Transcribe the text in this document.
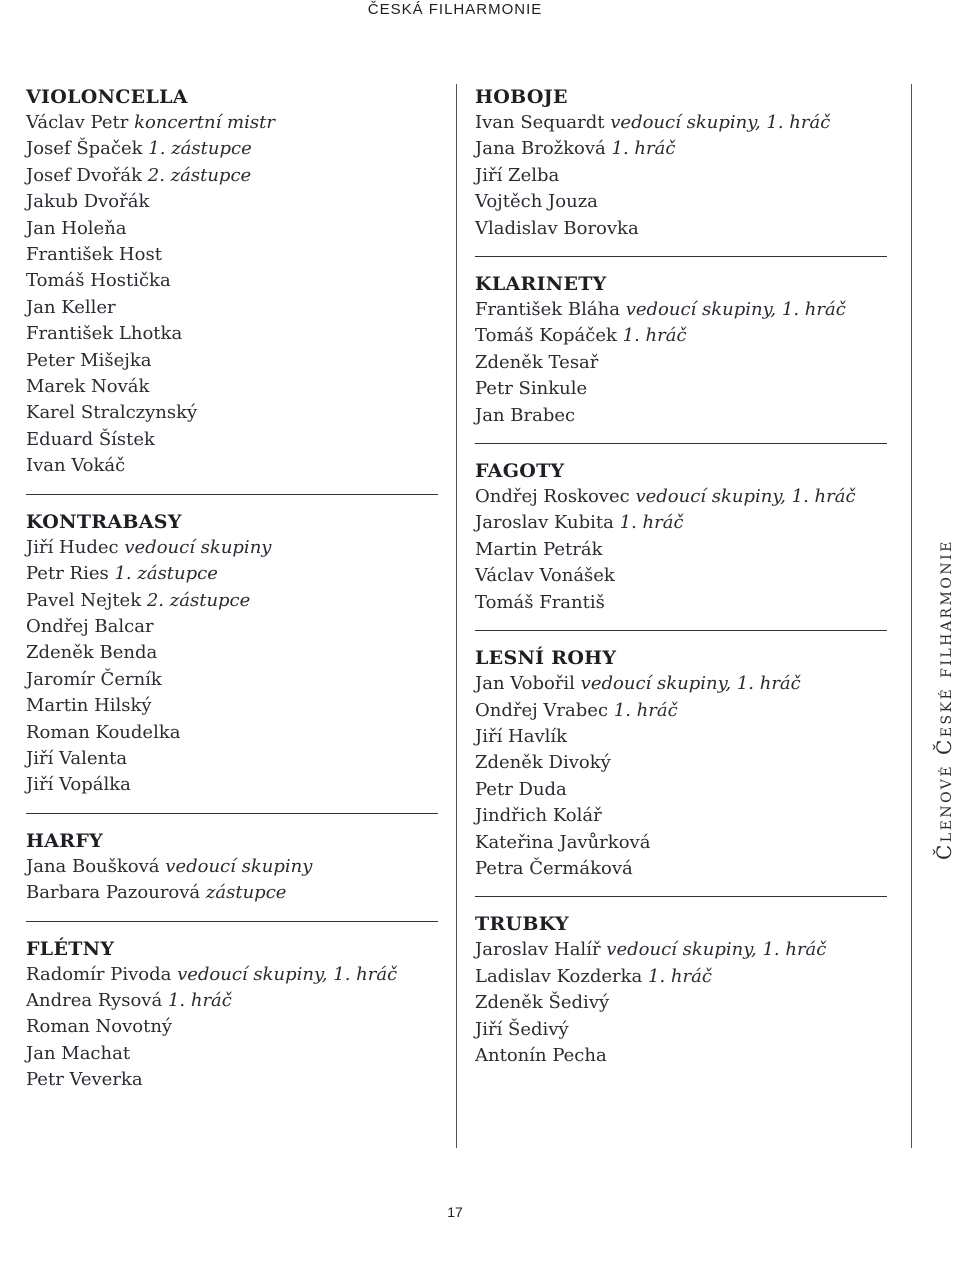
ČESKÁ FILHARMONIE
VIOLONCELLA
Václav Petr koncertní mistr
Josef Špaček 1. zástupce
Josef Dvořák 2. zástupce
Jakub Dvořák
Jan Holeňa
František Host
Tomáš Hostička
Jan Keller
František Lhotka
Peter Mišejka
Marek Novák
Karel Stralczynský
Eduard Šístek
Ivan Vokáč
KONTRABASY
Jiří Hudec vedoucí skupiny
Petr Ries 1. zástupce
Pavel Nejtek 2. zástupce
Ondřej Balcar
Zdeněk Benda
Jaromír Černík
Martin Hilský
Roman Koudelka
Jiří Valenta
Jiří Vopálka
HARFY
Jana Boušková vedoucí skupiny
Barbara Pazourová zástupce
FLÉTNY
Radomír Pivoda vedoucí skupiny, 1. hráč
Andrea Rysová 1. hráč
Roman Novotný
Jan Machat
Petr Veverka
HOBOJE
Ivan Sequardt vedoucí skupiny, 1. hráč
Jana Brožková 1. hráč
Jiří Zelba
Vojtěch Jouza
Vladislav Borovka
KLARINETY
František Bláha vedoucí skupiny, 1. hráč
Tomáš Kopáček 1. hráč
Zdeněk Tesař
Petr Sinkule
Jan Brabec
FAGOTY
Ondřej Roskovec vedoucí skupiny, 1. hráč
Jaroslav Kubita 1. hráč
Martin Petrák
Václav Vonášek
Tomáš Františ
LESNÍ ROHY
Jan Vobořil vedoucí skupiny, 1. hráč
Ondřej Vrabec 1. hráč
Jiří Havlík
Zdeněk Divoký
Petr Duda
Jindřich Kolář
Kateřina Javůrková
Petra Čermáková
TRUBKY
Jaroslav Halíř vedoucí skupiny, 1. hráč
Ladislav Kozderka 1. hráč
Zdeněk Šedivý
Jiří Šedivý
Antonín Pecha
Členové České filharmonie
17
